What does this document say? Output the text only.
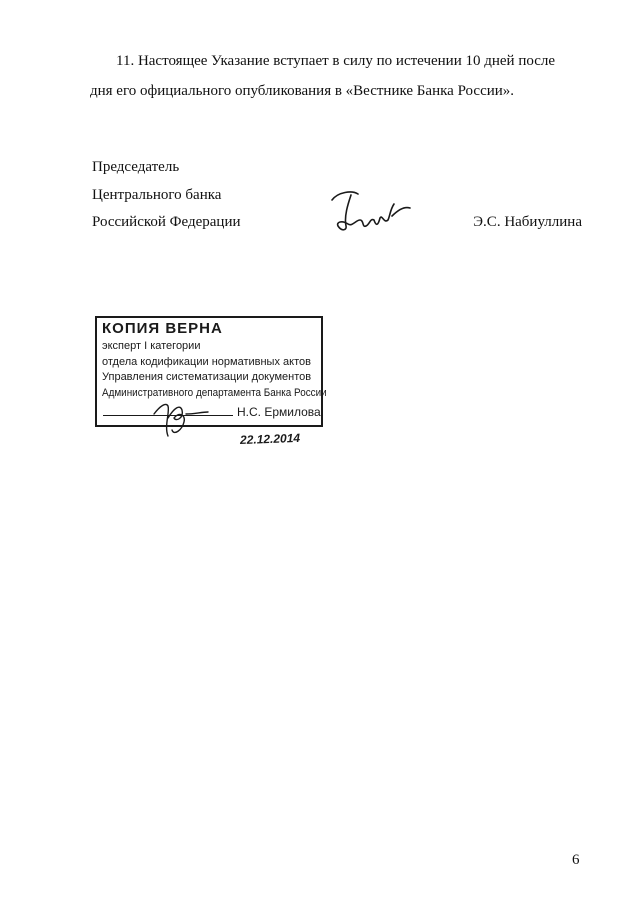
11. Настоящее Указание вступает в силу по истечении 10 дней после
дня его официального опубликования в «Вестнике Банка России».
Председатель
Центрального банка
Российской Федерации	Э.С. Набиуллина
КОПИЯ ВЕРНА
эксперт I категории
отдела кодификации нормативных актов
Управления систематизации документов
Административного департамента Банка России
Н.С. Ермилова
22.12.2014
6
